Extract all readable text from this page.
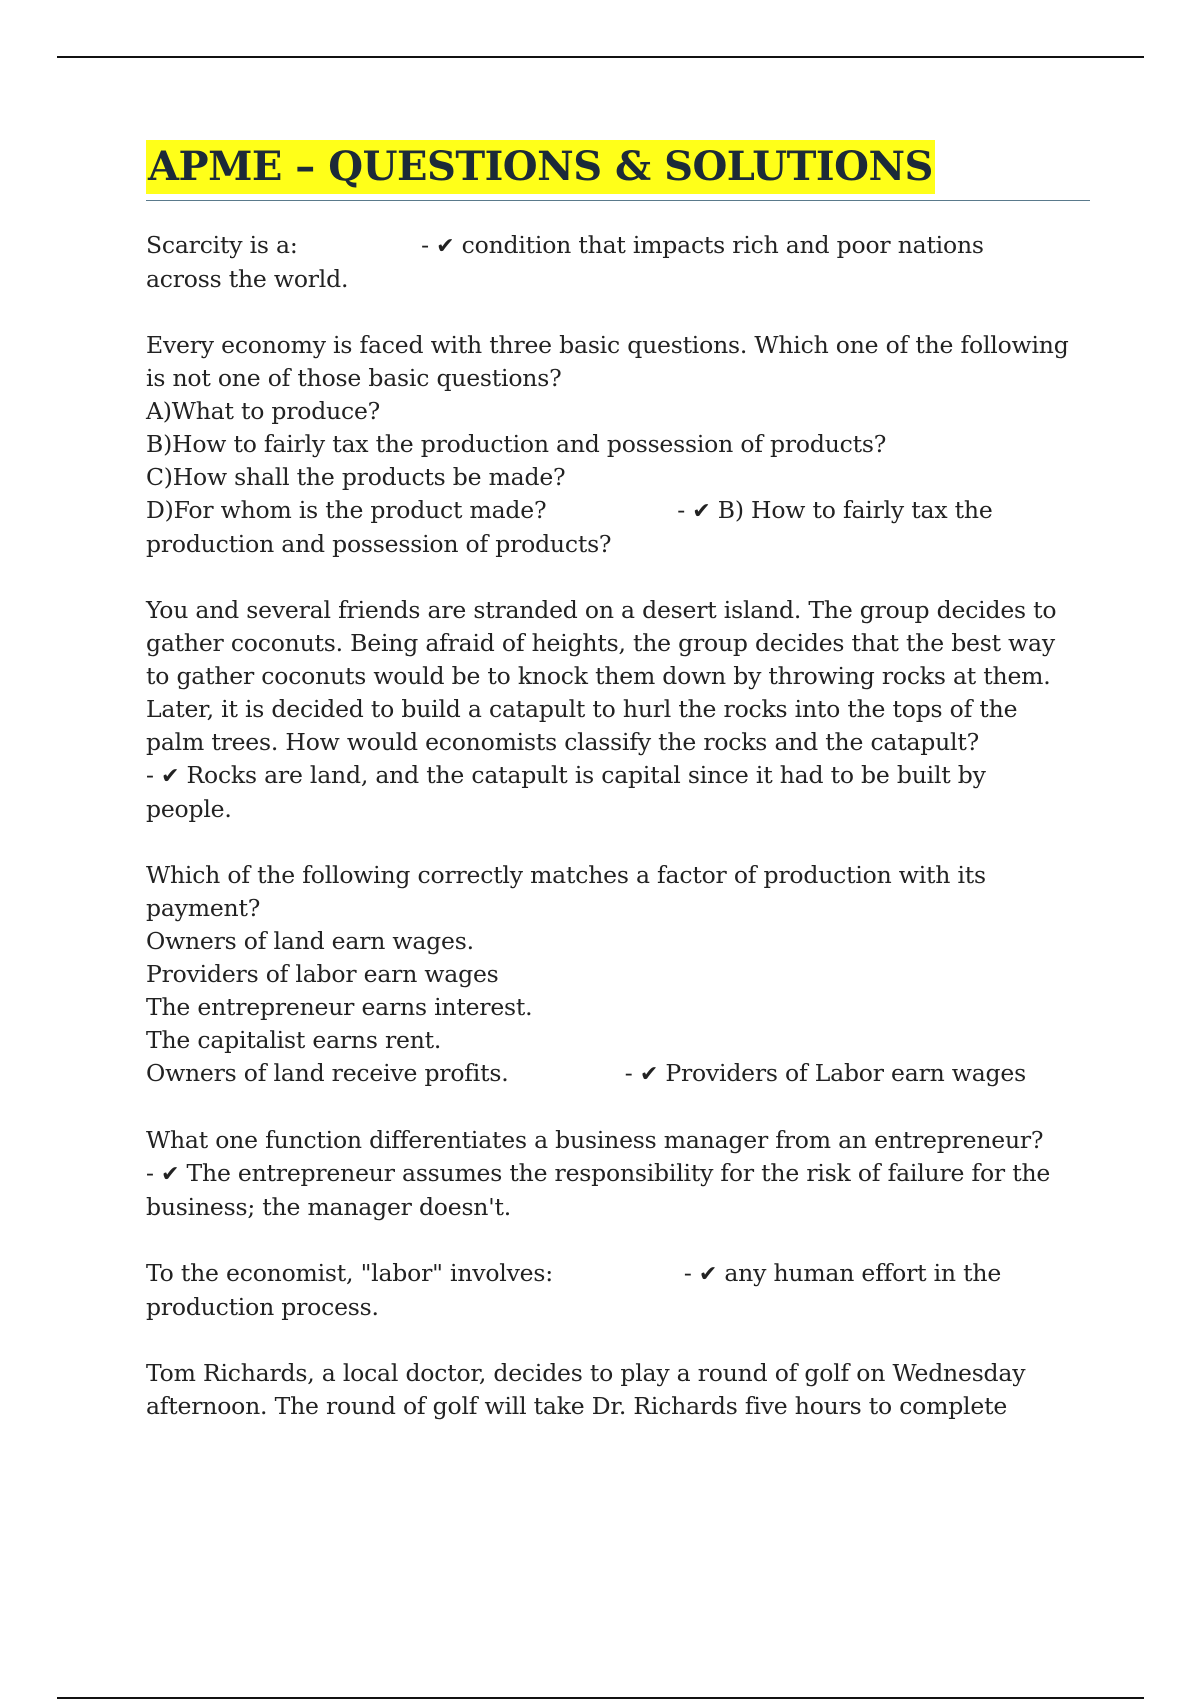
APME – QUESTIONS & SOLUTIONS
Scarcity is a:                 - ✔ condition that impacts rich and poor nations
across the world.
Every economy is faced with three basic questions. Which one of the following
is not one of those basic questions?
A)What to produce?
B)How to fairly tax the production and possession of products?
C)How shall the products be made?
D)For whom is the product made?                  - ✔ B) How to fairly tax the
production and possession of products?
You and several friends are stranded on a desert island. The group decides to
gather coconuts. Being afraid of heights, the group decides that the best way
to gather coconuts would be to knock them down by throwing rocks at them.
Later, it is decided to build a catapult to hurl the rocks into the tops of the
palm trees. How would economists classify the rocks and the catapult?
- ✔ Rocks are land, and the catapult is capital since it had to be built by
people.
Which of the following correctly matches a factor of production with its
payment?
Owners of land earn wages.
Providers of labor earn wages
The entrepreneur earns interest.
The capitalist earns rent.
Owners of land receive profits.                - ✔ Providers of Labor earn wages
What one function differentiates a business manager from an entrepreneur?
- ✔ The entrepreneur assumes the responsibility for the risk of failure for the
business; the manager doesn't.
To the economist, "labor" involves:                  - ✔ any human effort in the
production process.
Tom Richards, a local doctor, decides to play a round of golf on Wednesday
afternoon. The round of golf will take Dr. Richards five hours to complete
